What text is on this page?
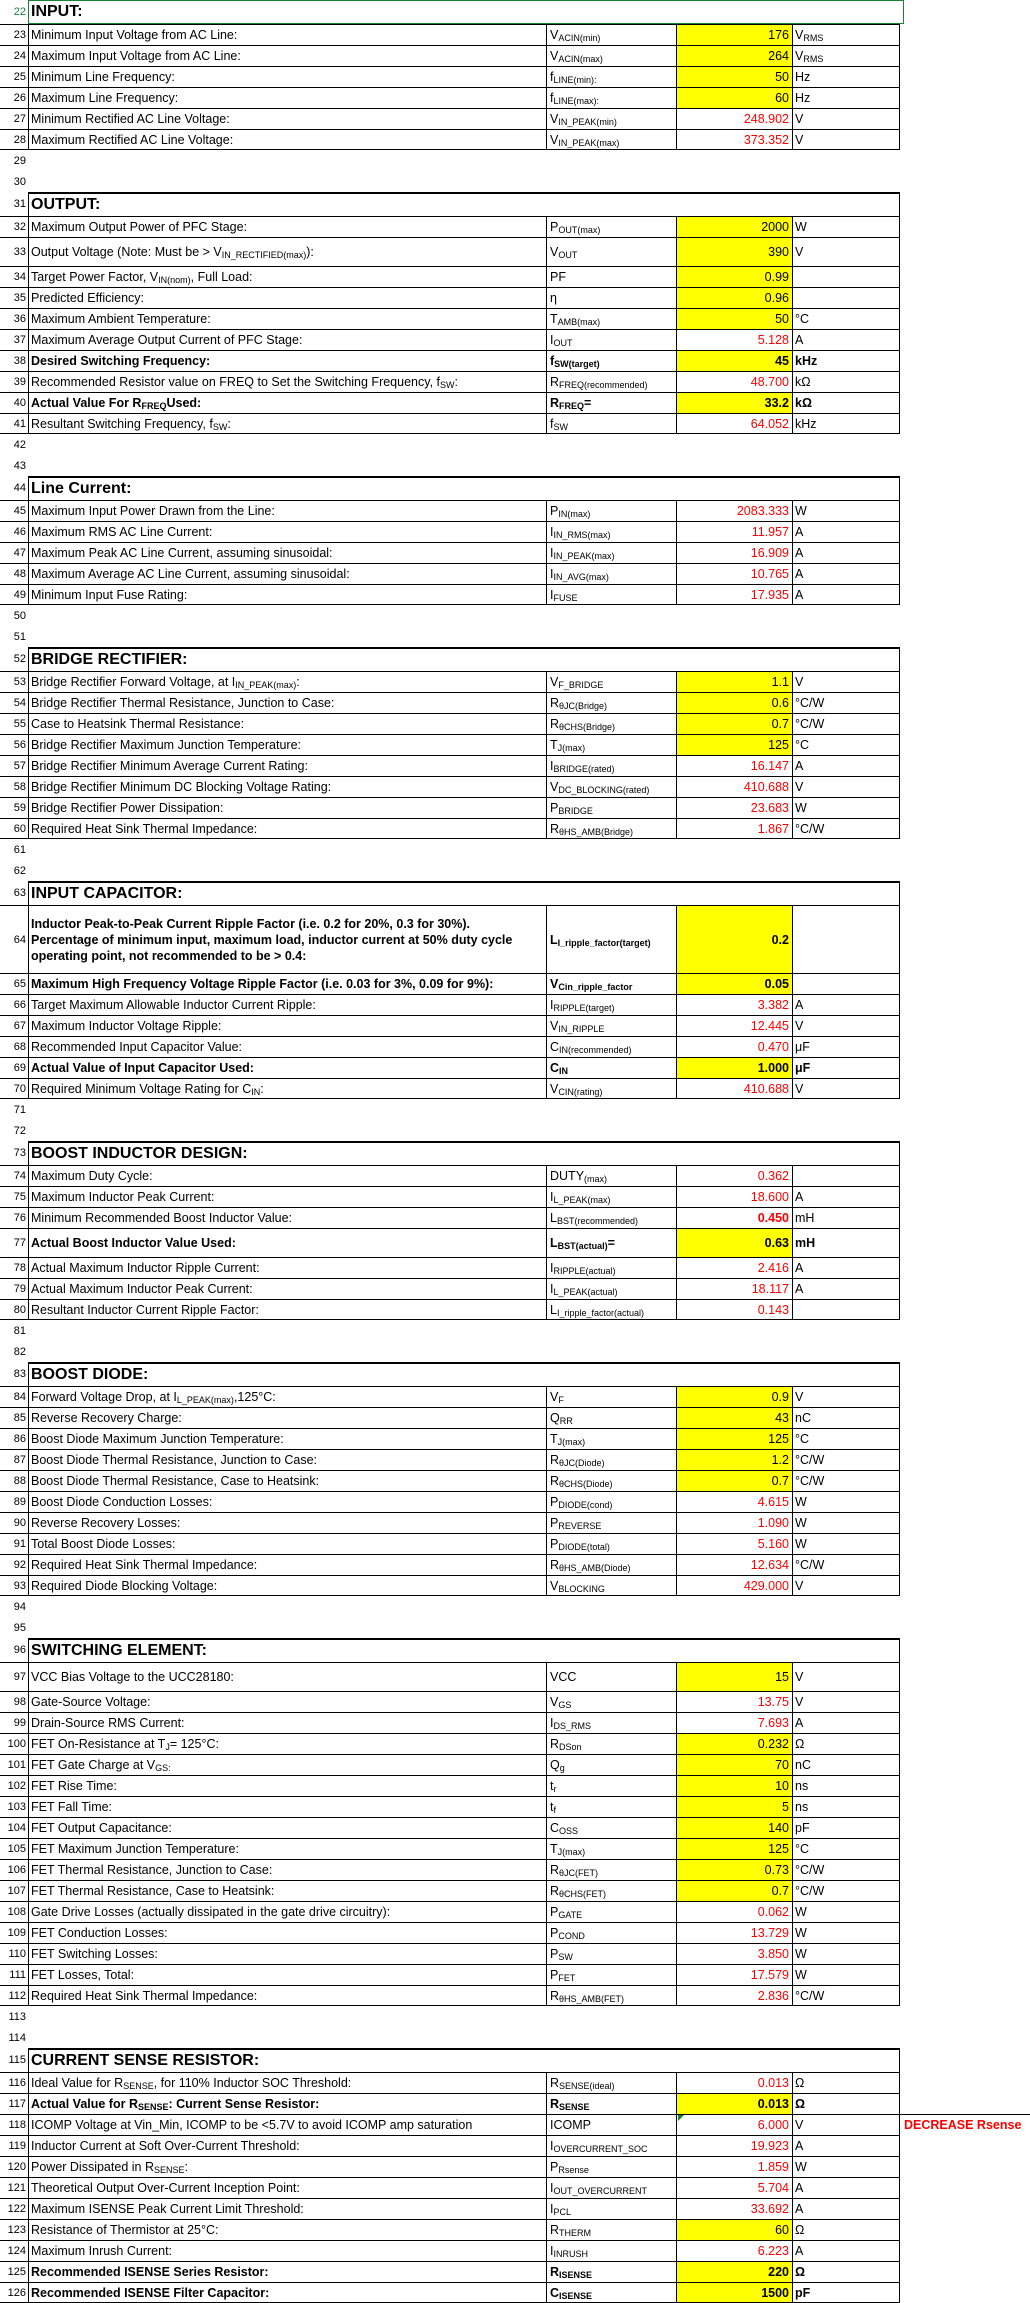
22 INPUT:
23 Minimum Input Voltage from AC Line:	V ACIN(min)	176 V RMS
24 Maximum Input Voltage from AC Line:	V ACIN(max)	264 V RMS
25 Minimum Line Frequency:	f LINE(min):	50 Hz
26 Maximum Line Frequency:	f LINE(max):	60 Hz
27 Minimum Rectified AC Line Voltage:	V IN_PEAK(min)	248.902 V
28 Maximum Rectified AC Line Voltage:	V IN_PEAK(max)	373.352 V
29
30
31 OUTPUT:
32 Maximum Output Power of PFC Stage:	P OUT(max)	2000 W
33 Output Voltage (Note: Must be > V IN_RECTIFIED(max) ):	V OUT	390 V
34 Target Power Factor, V IN(nom) , Full Load:	PF	0.99
35 Predicted Efficiency:	η	0.96
36 Maximum Ambient Temperature:	T AMB(max)	50 °C
37 Maximum Average Output Current of PFC Stage:	I OUT	5.128 A
38 Desired Switching Frequency:	f SW(target)	45 kHz
39 Recommended Resistor value on FREQ to Set the Switching Frequency, f SW :	R FREQ(recommended)	48.700 kΩ
40 Actual Value For R FREQ Used:	R FREQ =	33.2 kΩ
41 Resultant Switching Frequency, f SW :	f SW	64.052 kHz
42
43
44 Line Current:
45 Maximum Input Power Drawn from the Line:	P IN(max)	2083.333 W
46 Maximum RMS AC Line Current:	I IN_RMS(max)	11.957 A
47 Maximum Peak AC Line Current, assuming sinusoidal:	I IN_PEAK(max)	16.909 A
48 Maximum Average AC Line Current, assuming sinusoidal:	I IN_AVG(max)	10.765 A
49 Minimum Input Fuse Rating:	I FUSE	17.935 A
50
51
52 BRIDGE RECTIFIER:
53 Bridge Rectifier Forward Voltage, at I IN_PEAK(max) :	V F_BRIDGE	1.1 V
54 Bridge Rectifier Thermal Resistance, Junction to Case:	R θJC(Bridge)	0.6 °C/W
55 Case to Heatsink Thermal Resistance:	R θCHS(Bridge)	0.7 °C/W
56 Bridge Rectifier Maximum Junction Temperature:	T J(max)	125 °C
57 Bridge Rectifier Minimum Average Current Rating:	I BRIDGE(rated)	16.147 A
58 Bridge Rectifier Minimum DC Blocking Voltage Rating:	V DC_BLOCKING(rated)	410.688 V
59 Bridge Rectifier Power Dissipation:	P BRIDGE	23.683 W
60 Required Heat Sink Thermal Impedance:	R θHS_AMB(Bridge)	1.867 °C/W
61
62
63 INPUT CAPACITOR:
64
Inductor Peak-to-Peak Current Ripple Factor (i.e. 0.2 for 20%, 0.3 for 30%). Percentage of minimum input, maximum load, inductor current at 50% duty cycle operating point, not recommended to be > 0.4:
L I_ripple_factor(target)	0.2
65 Maximum High Frequency Voltage Ripple Factor (i.e. 0.03 for 3%, 0.09 for 9%):	V Cin_ripple_factor	0.05
66 Target Maximum Allowable Inductor Current Ripple:	I RIPPLE(target)	3.382 A
67 Maximum Inductor Voltage Ripple:	V IN_RIPPLE	12.445 V
68 Recommended Input Capacitor Value:	C IN(recommended)	0.470 μF
69 Actual Value of Input Capacitor Used:	C IN	1.000 μF
70 Required Minimum Voltage Rating for C IN :	V CIN(rating)	410.688 V
71
72
73 BOOST INDUCTOR DESIGN:
74 Maximum Duty Cycle:	DUTY (max)	0.362
75 Maximum Inductor Peak Current:	I L_PEAK(max)	18.600 A
76 Minimum Recommended Boost Inductor Value:	L BST(recommended)	0.450 mH
77 Actual Boost Inductor Value Used:	L BST(actual) =	0.63 mH
78 Actual Maximum Inductor Ripple Current:	I RIPPLE(actual)	2.416 A
79 Actual Maximum Inductor Peak Current:	I L_PEAK(actual)	18.117 A
80 Resultant Inductor Current Ripple Factor:	L I_ripple_factor(actual)	0.143
81
82
83 BOOST DIODE:
84 Forward Voltage Drop, at I L_PEAK(max) ,125°C:	V F	0.9 V
85 Reverse Recovery Charge:	Q RR	43 nC
86 Boost Diode Maximum Junction Temperature:	T J(max)	125 °C
87 Boost Diode Thermal Resistance, Junction to Case:	R θJC(Diode)	1.2 °C/W
88 Boost Diode Thermal Resistance, Case to Heatsink:	R θCHS(Diode)	0.7 °C/W
89 Boost Diode Conduction Losses:	P DIODE(cond)	4.615 W
90 Reverse Recovery Losses:	P REVERSE	1.090 W
91 Total Boost Diode Losses:	P DIODE(total)	5.160 W
92 Required Heat Sink Thermal Impedance:	R θHS_AMB(Diode)	12.634 °C/W
93 Required Diode Blocking Voltage:	V BLOCKING	429.000 V
94
95
96 SWITCHING ELEMENT:
97 VCC Bias Voltage to the UCC28180:	VCC	15 V
98 Gate-Source Voltage:	V GS	13.75 V
99 Drain-Source RMS Current:	I DS_RMS	7.693 A
100 FET On-Resistance at T J = 125°C:	R DSon	0.232 Ω
101 FET Gate Charge at V GS:	Q g	70 nC
102 FET Rise Time:	t r	10 ns
103 FET Fall Time:	t f	5 ns
104 FET Output Capacitance:	C OSS	140 pF
105 FET Maximum Junction Temperature:	T J(max)	125 °C
106 FET Thermal Resistance, Junction to Case:	R θJC(FET)	0.73 °C/W
107 FET Thermal Resistance, Case to Heatsink:	R θCHS(FET)	0.7 °C/W
108 Gate Drive Losses (actually dissipated in the gate drive circuitry):	P GATE	0.062 W
109 FET Conduction Losses:	P COND	13.729 W
110 FET Switching Losses:	P SW	3.850 W
111 FET Losses, Total:	P FET	17.579 W
112 Required Heat Sink Thermal Impedance:	R θHS_AMB(FET)	2.836 °C/W
113
114
115 CURRENT SENSE RESISTOR:
116 Ideal Value for R SENSE , for 110% Inductor SOC Threshold:	R SENSE(ideal)	0.013 Ω
117 Actual Value for R SENSE : Current Sense Resistor:	R SENSE	0.013 Ω
118 ICOMP Voltage at Vin_Min, ICOMP to be <5.7V to avoid ICOMP amp saturation	ICOMP	6.000 V	DECREASE Rsense
119 Inductor Current at Soft Over-Current Threshold:	I OVERCURRENT_SOC	19.923 A
120 Power Dissipated in R SENSE :	P Rsense	1.859 W
121 Theoretical Output Over-Current Inception Point:	I OUT_OVERCURRENT	5.704 A
122 Maximum ISENSE Peak Current Limit Threshold:	I PCL	33.692 A
123 Resistance of Thermistor at 25°C:	R THERM	60 Ω
124 Maximum Inrush Current:	I INRUSH	6.223 A
125 Recommended ISENSE Series Resistor:	R ISENSE	220 Ω
126 Recommended ISENSE Filter Capacitor:	C ISENSE	1500 pF
